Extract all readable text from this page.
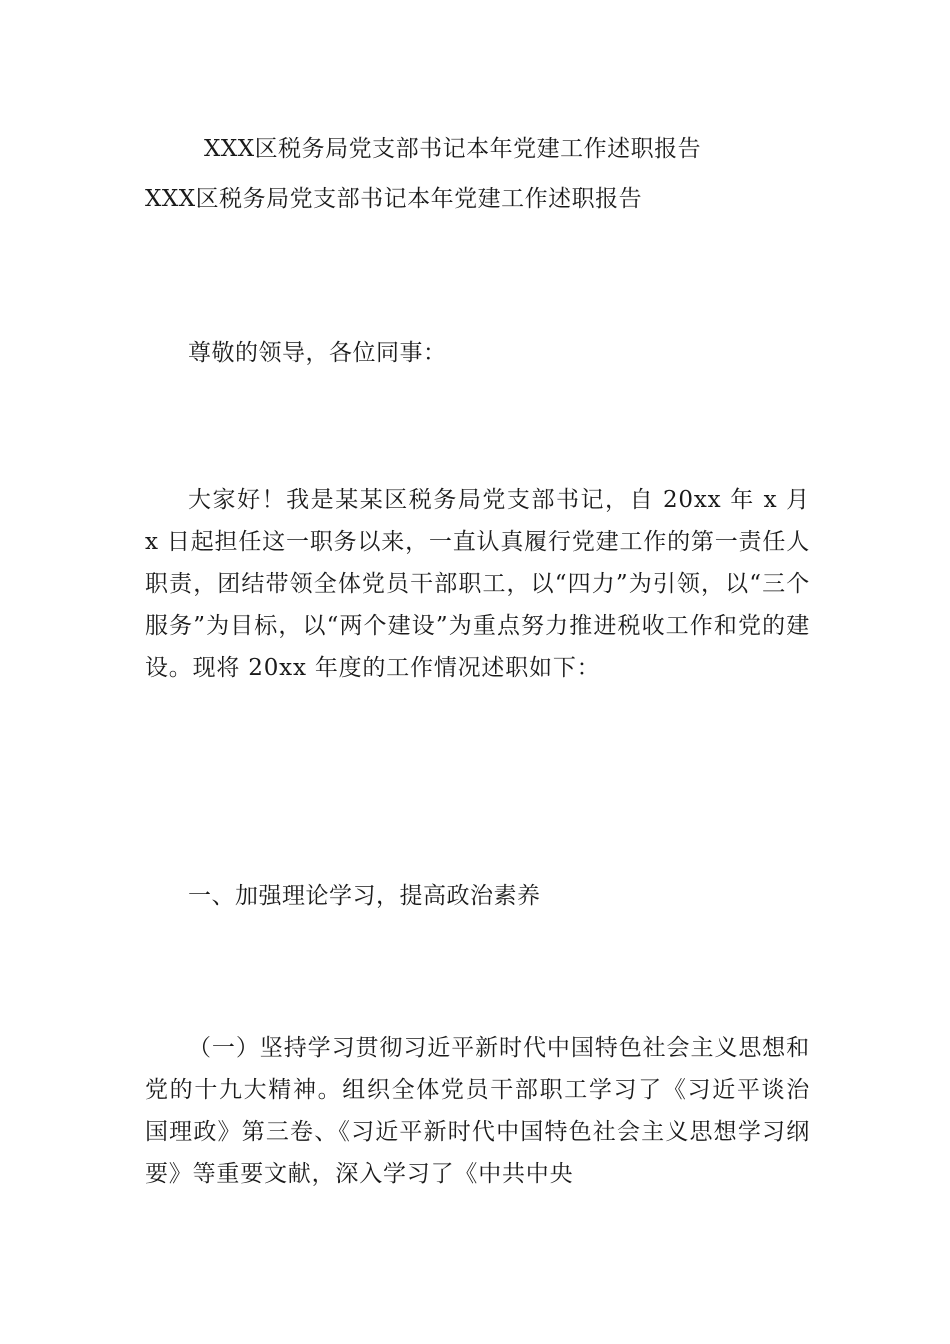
XXX区税务局党支部书记本年党建工作述职报告
XXX区税务局党支部书记本年党建工作述职报告
尊敬的领导，各位同事：
大家好！我是某某区税务局党支部书记，自 20xx 年 x 月 x 日起担任这一职务以来，一直认真履行党建工作的第一责任人职责，团结带领全体党员干部职工，以“四力”为引领，以“三个服务”为目标，以“两个建设”为重点努力推进税收工作和党的建设。现将 20xx 年度的工作情况述职如下：
一、加强理论学习，提高政治素养
（一）坚持学习贯彻习近平新时代中国特色社会主义思想和党的十九大精神。组织全体党员干部职工学习了《习近平谈治国理政》第三卷、《习近平新时代中国特色社会主义思想学习纲要》等重要文献，深入学习了《中共中央
